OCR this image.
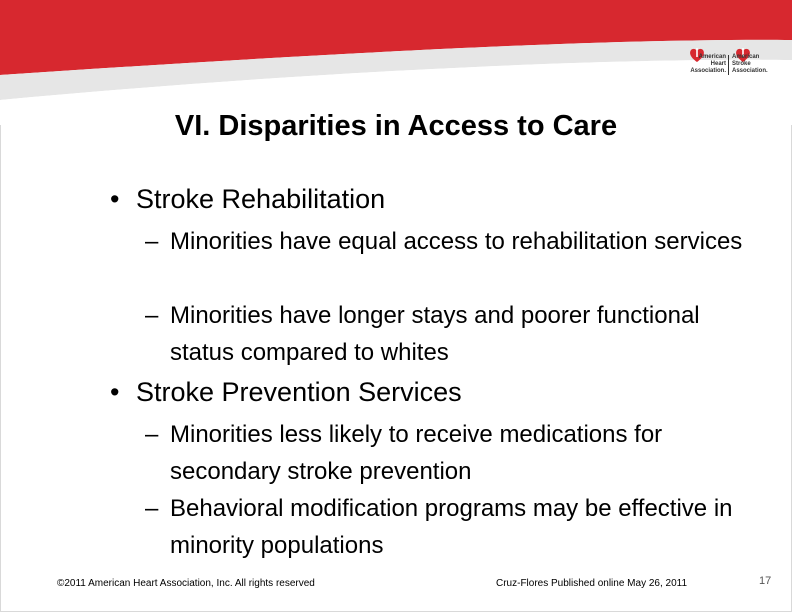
American
Heart
Association.
American
Stroke
Association.
VI. Disparities in Access to Care
• Stroke Rehabilitation
– Minorities have equal access to rehabilitation services
– Minorities have longer stays and poorer functional status compared to whites
• Stroke Prevention Services
– Minorities less likely to receive medications for secondary stroke prevention
– Behavioral modification programs may be effective in minority populations
©2011 American Heart Association, Inc. All rights reserved	Cruz-Flores Published online May 26, 2011	17
